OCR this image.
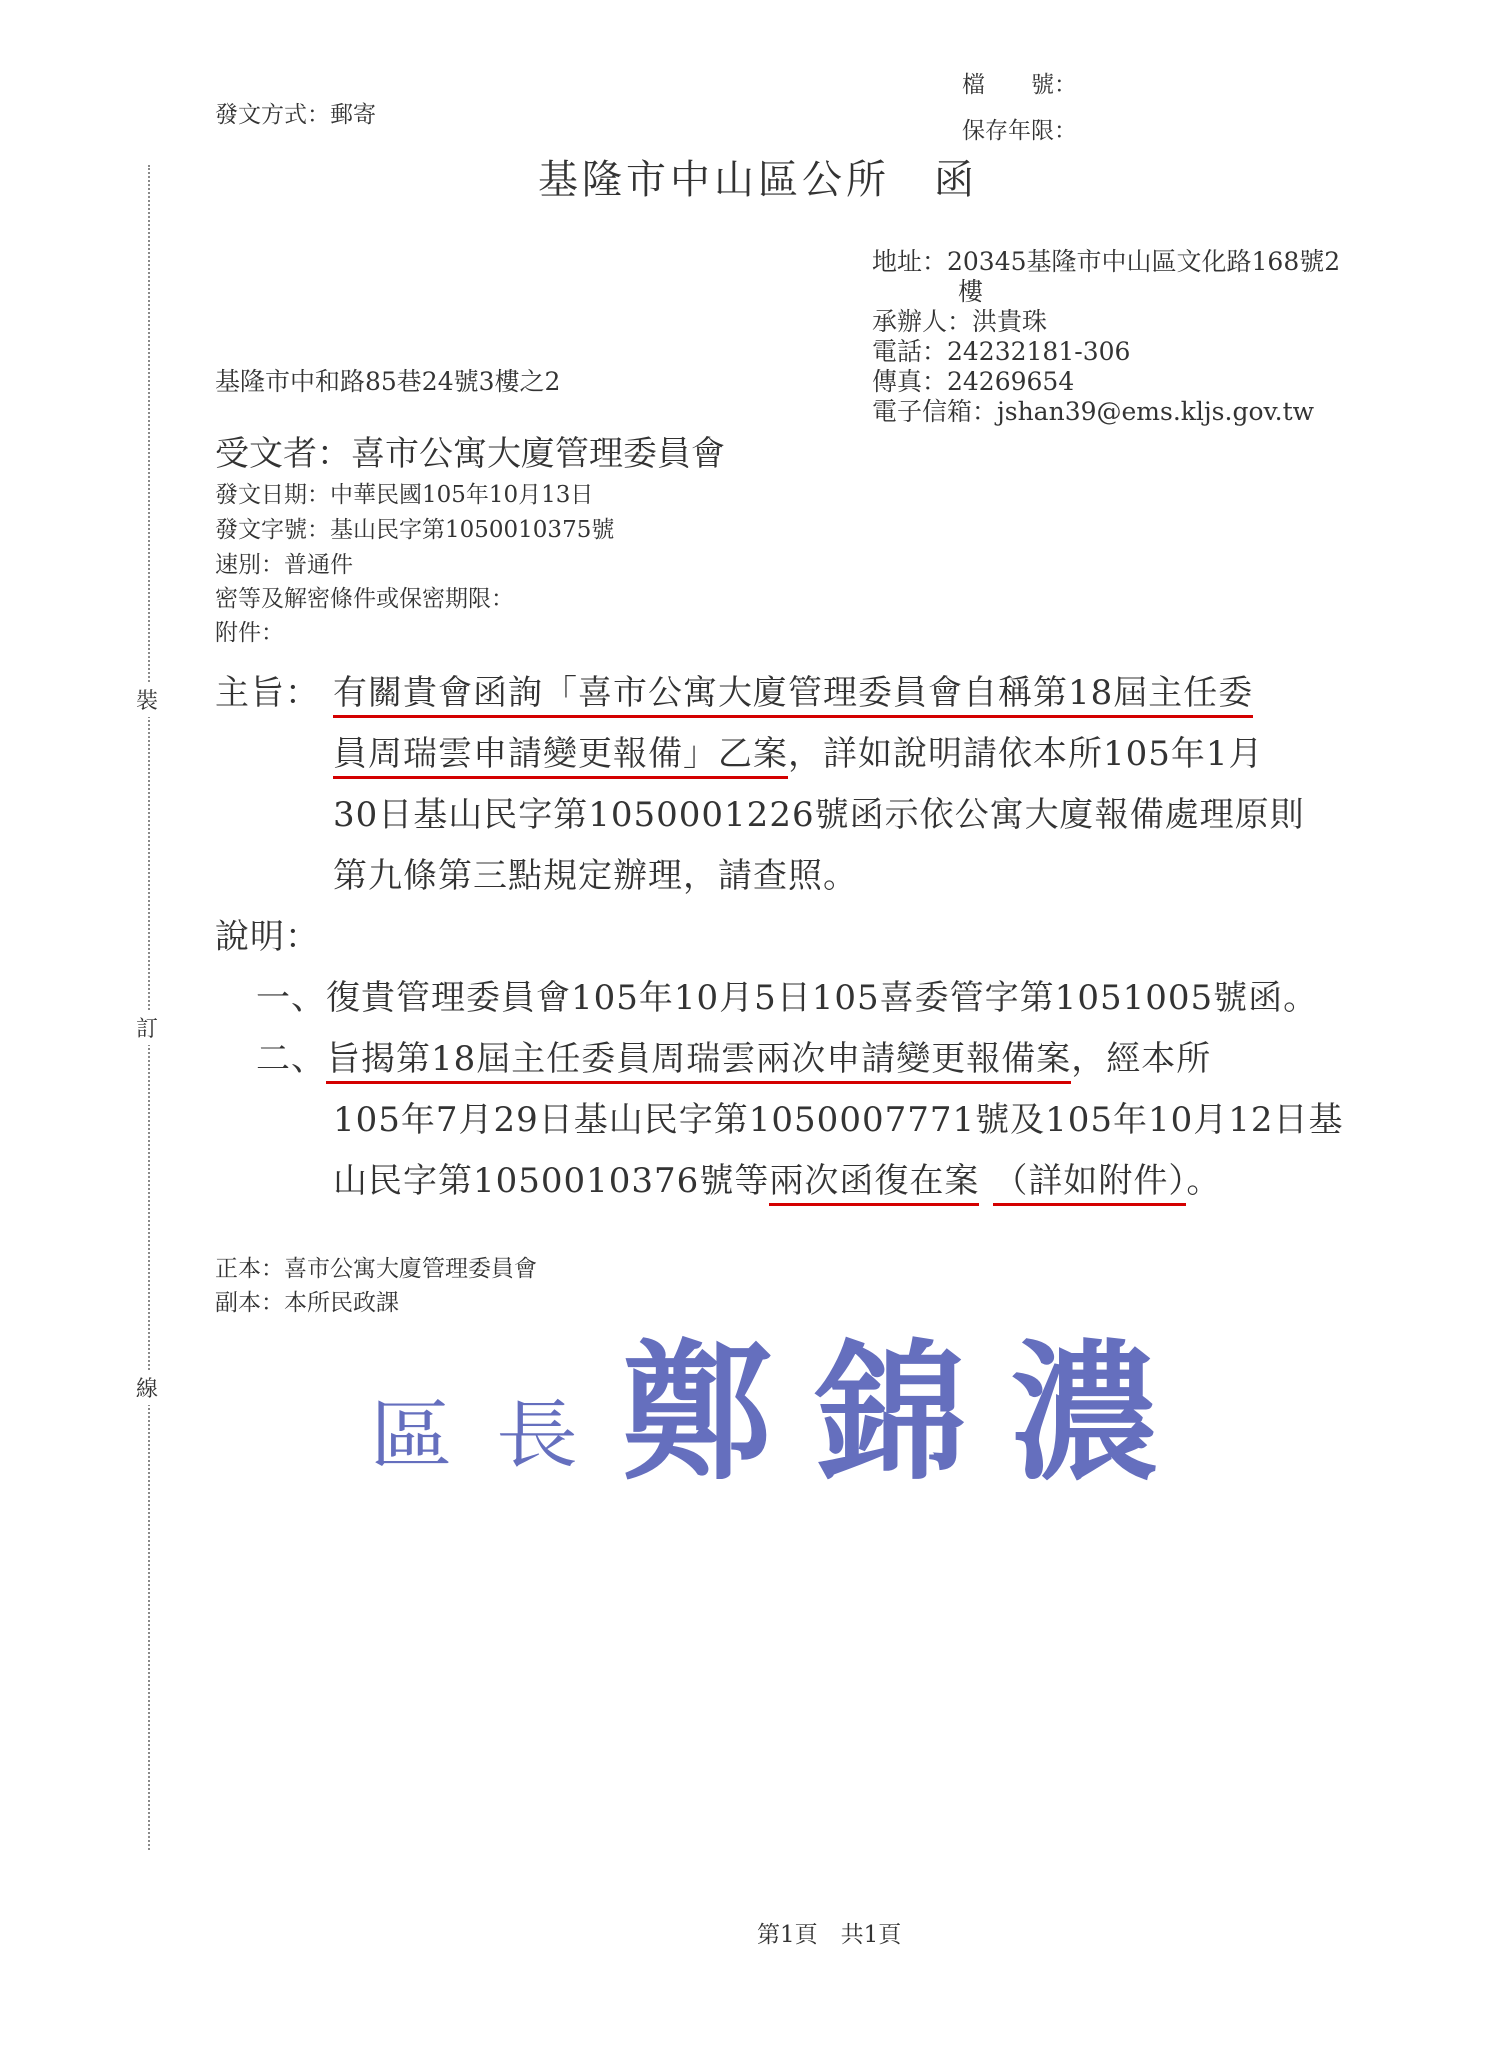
裝
訂
線
發文方式：郵寄
檔　　號：
保存年限：
基隆市中山區公所　函
地址：20345基隆市中山區文化路168號2
樓
承辦人：洪貴珠
電話：24232181-306
傳真：24269654
電子信箱：jshan39@ems.kljs.gov.tw
基隆市中和路85巷24號3樓之2
受文者：喜市公寓大廈管理委員會
發文日期：中華民國105年10月13日
發文字號：基山民字第1050010375號
速別：普通件
密等及解密條件或保密期限：
附件：
主旨： 有關貴會函詢「喜市公寓大廈管理委員會自稱第18屆主任委
員周瑞雲申請變更報備」乙案，詳如說明請依本所105年1月
30日基山民字第1050001226號函示依公寓大廈報備處理原則
第九條第三點規定辦理，請查照。
說明：
一、復貴管理委員會105年10月5日105喜委管字第1051005號函。
二、旨揭第18屆主任委員周瑞雲兩次申請變更報備案，經本所
105年7月29日基山民字第1050007771號及105年10月12日基
山民字第1050010376號等兩次函復在案 （詳如附件）。
正本：喜市公寓大廈管理委員會
副本：本所民政課
區 長 鄭 錦 濃
第1頁　共1頁
